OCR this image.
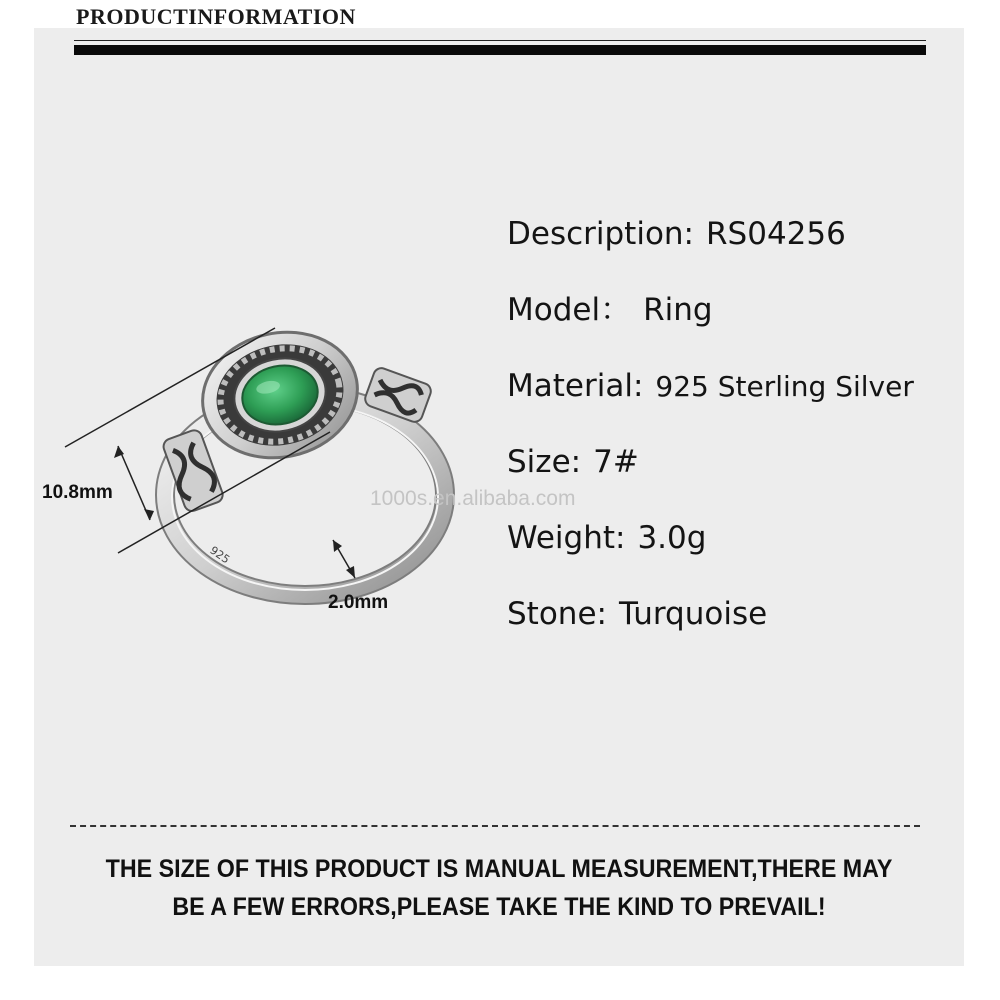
PRODUCTINFORMATION
925
10.8mm
2.0mm
1000s.en.alibaba.com
Description: RS04256
Model： Ring
Material: 925 Sterling Silver
Size: 7#
Weight: 3.0g
Stone: Turquoise
THE SIZE OF THIS PRODUCT IS MANUAL MEASUREMENT,THERE MAY
BE A FEW ERRORS,PLEASE TAKE THE KIND TO PREVAIL!
